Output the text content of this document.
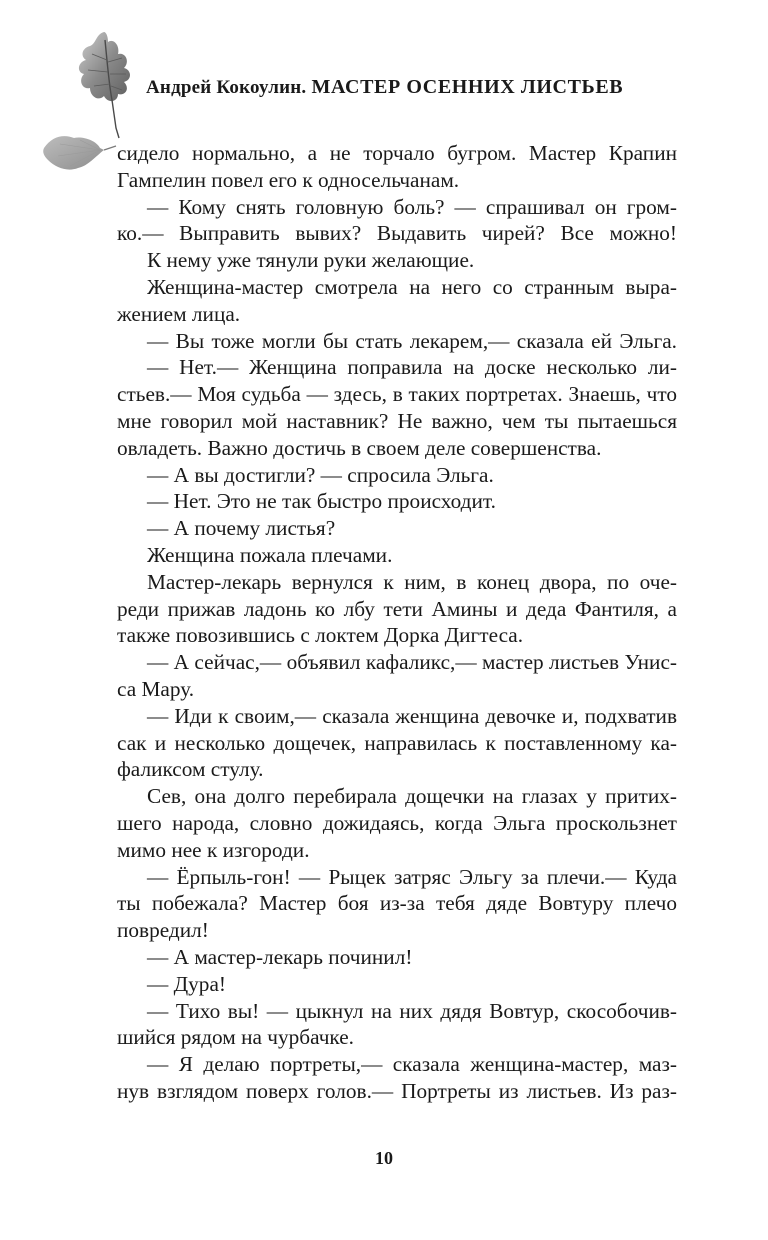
Андрей Кокоулин. МАСТЕР ОСЕННИХ ЛИСТЬЕВ
сидело нормально, а не торчало бугром. Мастер Крапин
Гампелин повел его к односельчанам.
— Кому снять головную боль? — спрашивал он гром-
ко.— Выправить вывих? Выдавить чирей? Все можно!
К нему уже тянули руки желающие.
Женщина-мастер смотрела на него со странным выра-
жением лица.
— Вы тоже могли бы стать лекарем,— сказала ей Эльга.
— Нет.— Женщина поправила на доске несколько ли-
стьев.— Моя судьба — здесь, в таких портретах. Знаешь, что
мне говорил мой наставник? Не важно, чем ты пытаешься
овладеть. Важно достичь в своем деле совершенства.
— А вы достигли? — спросила Эльга.
— Нет. Это не так быстро происходит.
— А почему листья?
Женщина пожала плечами.
Мастер-лекарь вернулся к ним, в конец двора, по оче-
реди прижав ладонь ко лбу тети Амины и деда Фантиля, а
также повозившись с локтем Дорка Дигтеса.
— А сейчас,— объявил кафаликс,— мастер листьев Унис-
са Мару.
— Иди к своим,— сказала женщина девочке и, подхватив
сак и несколько дощечек, направилась к поставленному ка-
фаликсом стулу.
Сев, она долго перебирала дощечки на глазах у притих-
шего народа, словно дожидаясь, когда Эльга проскользнет
мимо нее к изгороди.
— Ёрпыль-гон! — Рыцек затряс Эльгу за плечи.— Куда
ты побежала? Мастер боя из-за тебя дяде Вовтуру плечо
повредил!
— А мастер-лекарь починил!
— Дура!
— Тихо вы! — цыкнул на них дядя Вовтур, скособочив-
шийся рядом на чурбачке.
— Я делаю портреты,— сказала женщина-мастер, маз-
нув взглядом поверх голов.— Портреты из листьев. Из раз-
10
